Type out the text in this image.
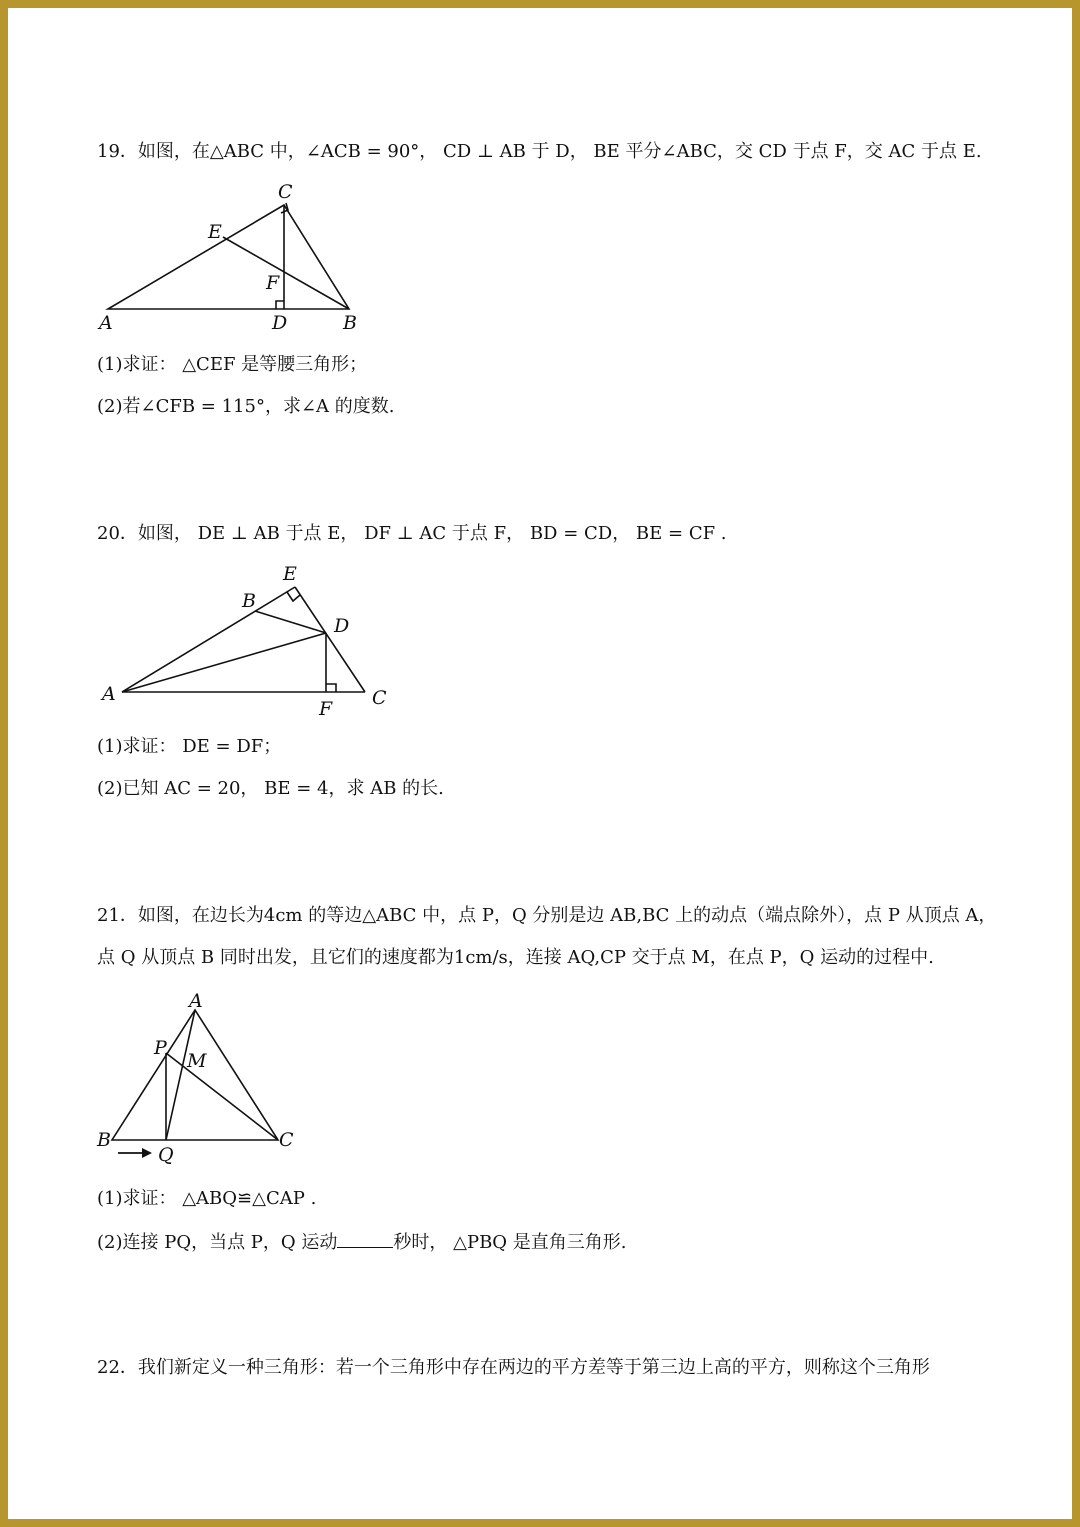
19．如图，在△ABC 中，∠ACB = 90°， CD ⊥ AB 于 D， BE 平分∠ABC，交 CD 于点 F，交 AC 于点 E.
C
E
F
A	D	B
(1)求证： △CEF 是等腰三角形；
(2)若∠CFB = 115°，求∠A 的度数.
20．如图， DE ⊥ AB 于点 E， DF ⊥ AC 于点 F， BD = CD， BE = CF .
E
B
D
A
F C
(1)求证： DE = DF；
(2)已知 AC = 20， BE = 4，求 AB 的长.
21．如图，在边长为4cm 的等边△ABC 中，点 P，Q 分别是边 AB,BC 上的动点（端点除外），点 P 从顶点 A，
点 Q 从顶点 B 同时出发，且它们的速度都为1cm/s，连接 AQ,CP 交于点 M，在点 P，Q 运动的过程中.
A
P
M
B	C
Q
(1)求证： △ABQ≌△CAP .
(2)连接 PQ，当点 P，Q 运动	秒时， △PBQ 是直角三角形.
22．我们新定义一种三角形：若一个三角形中存在两边的平方差等于第三边上高的平方，则称这个三角形
